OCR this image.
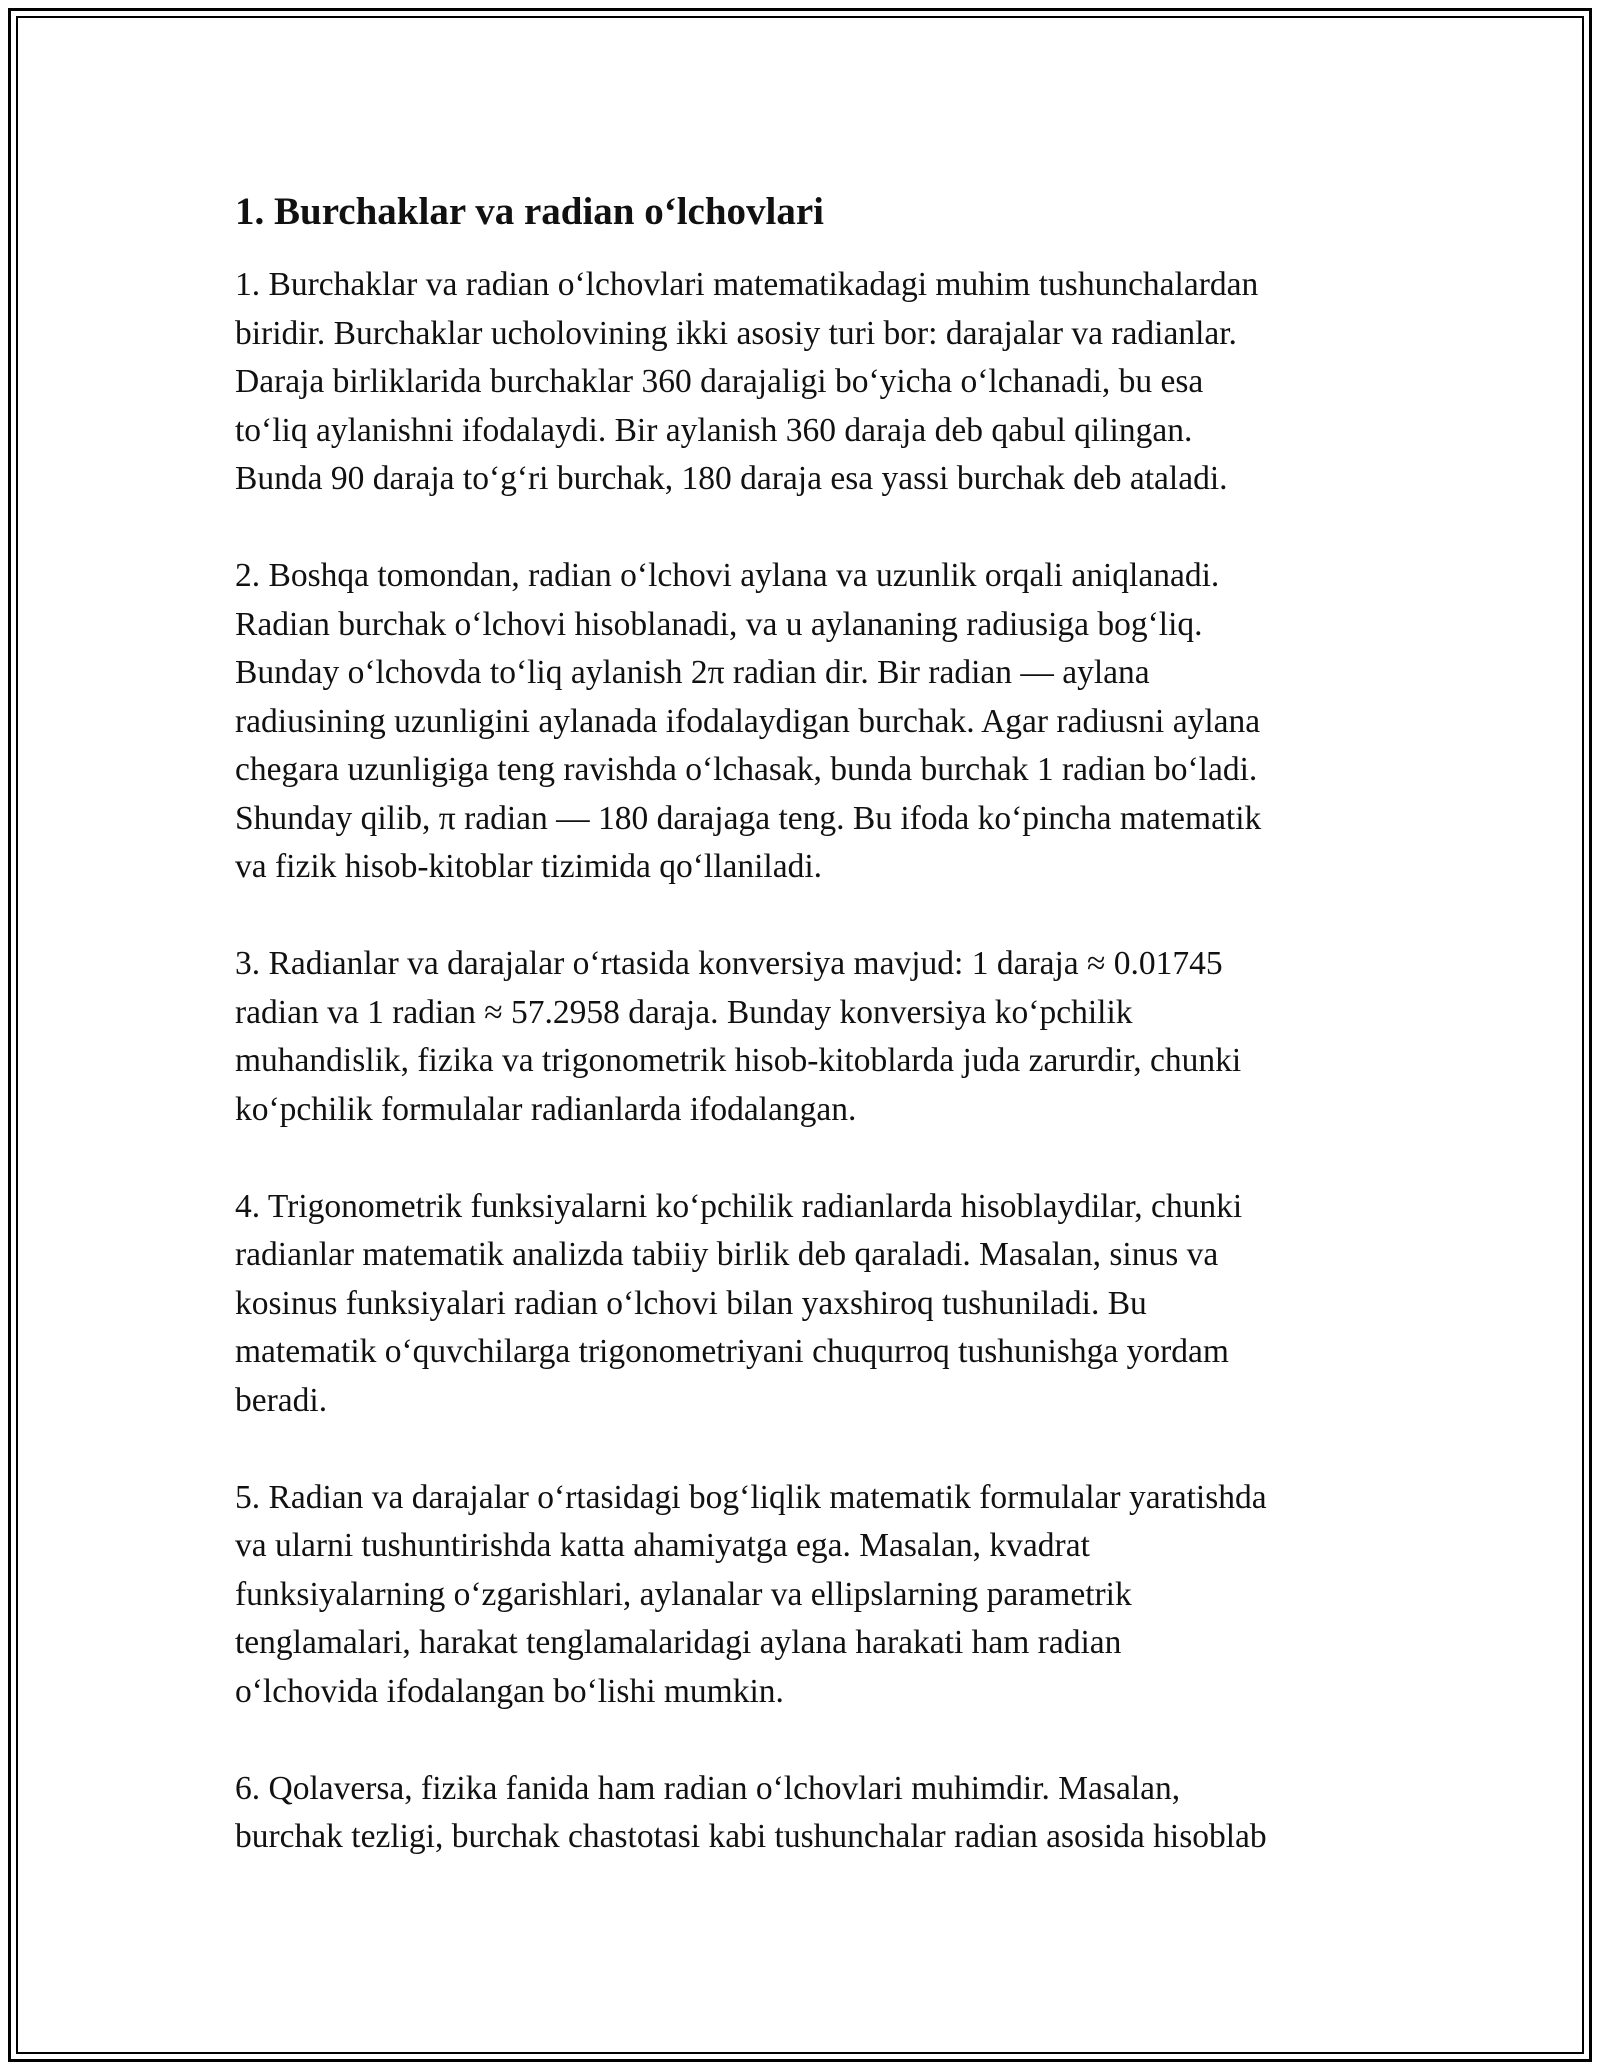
1. Burchaklar va radian oʻlchovlari

1. Burchaklar va radian oʻlchovlari matematikadagi muhim tushunchalardan
biridir. Burchaklar ucholovining ikki asosiy turi bor: darajalar va radianlar.
Daraja birliklarida burchaklar 360 darajaligi boʻyicha oʻlchanadi, bu esa
toʻliq aylanishni ifodalaydi. Bir aylanish 360 daraja deb qabul qilingan.
Bunda 90 daraja toʻgʻri burchak, 180 daraja esa yassi burchak deb ataladi.

2. Boshqa tomondan, radian oʻlchovi aylana va uzunlik orqali aniqlanadi.
Radian burchak oʻlchovi hisoblanadi, va u aylananing radiusiga bogʻliq.
Bunday oʻlchovda toʻliq aylanish 2π radian dir. Bir radian — aylana
radiusining uzunligini aylanada ifodalaydigan burchak. Agar radiusni aylana
chegara uzunligiga teng ravishda oʻlchasak, bunda burchak 1 radian boʻladi.
Shunday qilib, π radian — 180 darajaga teng. Bu ifoda koʻpincha matematik
va fizik hisob-kitoblar tizimida qoʻllaniladi.

3. Radianlar va darajalar oʻrtasida konversiya mavjud: 1 daraja ≈ 0.01745
radian va 1 radian ≈ 57.2958 daraja. Bunday konversiya koʻpchilik
muhandislik, fizika va trigonometrik hisob-kitoblarda juda zarurdir, chunki
koʻpchilik formulalar radianlarda ifodalangan.

4. Trigonometrik funksiyalarni koʻpchilik radianlarda hisoblaydilar, chunki
radianlar matematik analizda tabiiy birlik deb qaraladi. Masalan, sinus va
kosinus funksiyalari radian oʻlchovi bilan yaxshiroq tushuniladi. Bu
matematik oʻquvchilarga trigonometriyani chuqurroq tushunishga yordam
beradi.

5. Radian va darajalar oʻrtasidagi bogʻliqlik matematik formulalar yaratishda
va ularni tushuntirishda katta ahamiyatga ega. Masalan, kvadrat
funksiyalarning oʻzgarishlari, aylanalar va ellipslarning parametrik
tenglamalari, harakat tenglamalaridagi aylana harakati ham radian
oʻlchovida ifodalangan boʻlishi mumkin.

6. Qolaversa, fizika fanida ham radian oʻlchovlari muhimdir. Masalan,
burchak tezligi, burchak chastotasi kabi tushunchalar radian asosida hisoblab
